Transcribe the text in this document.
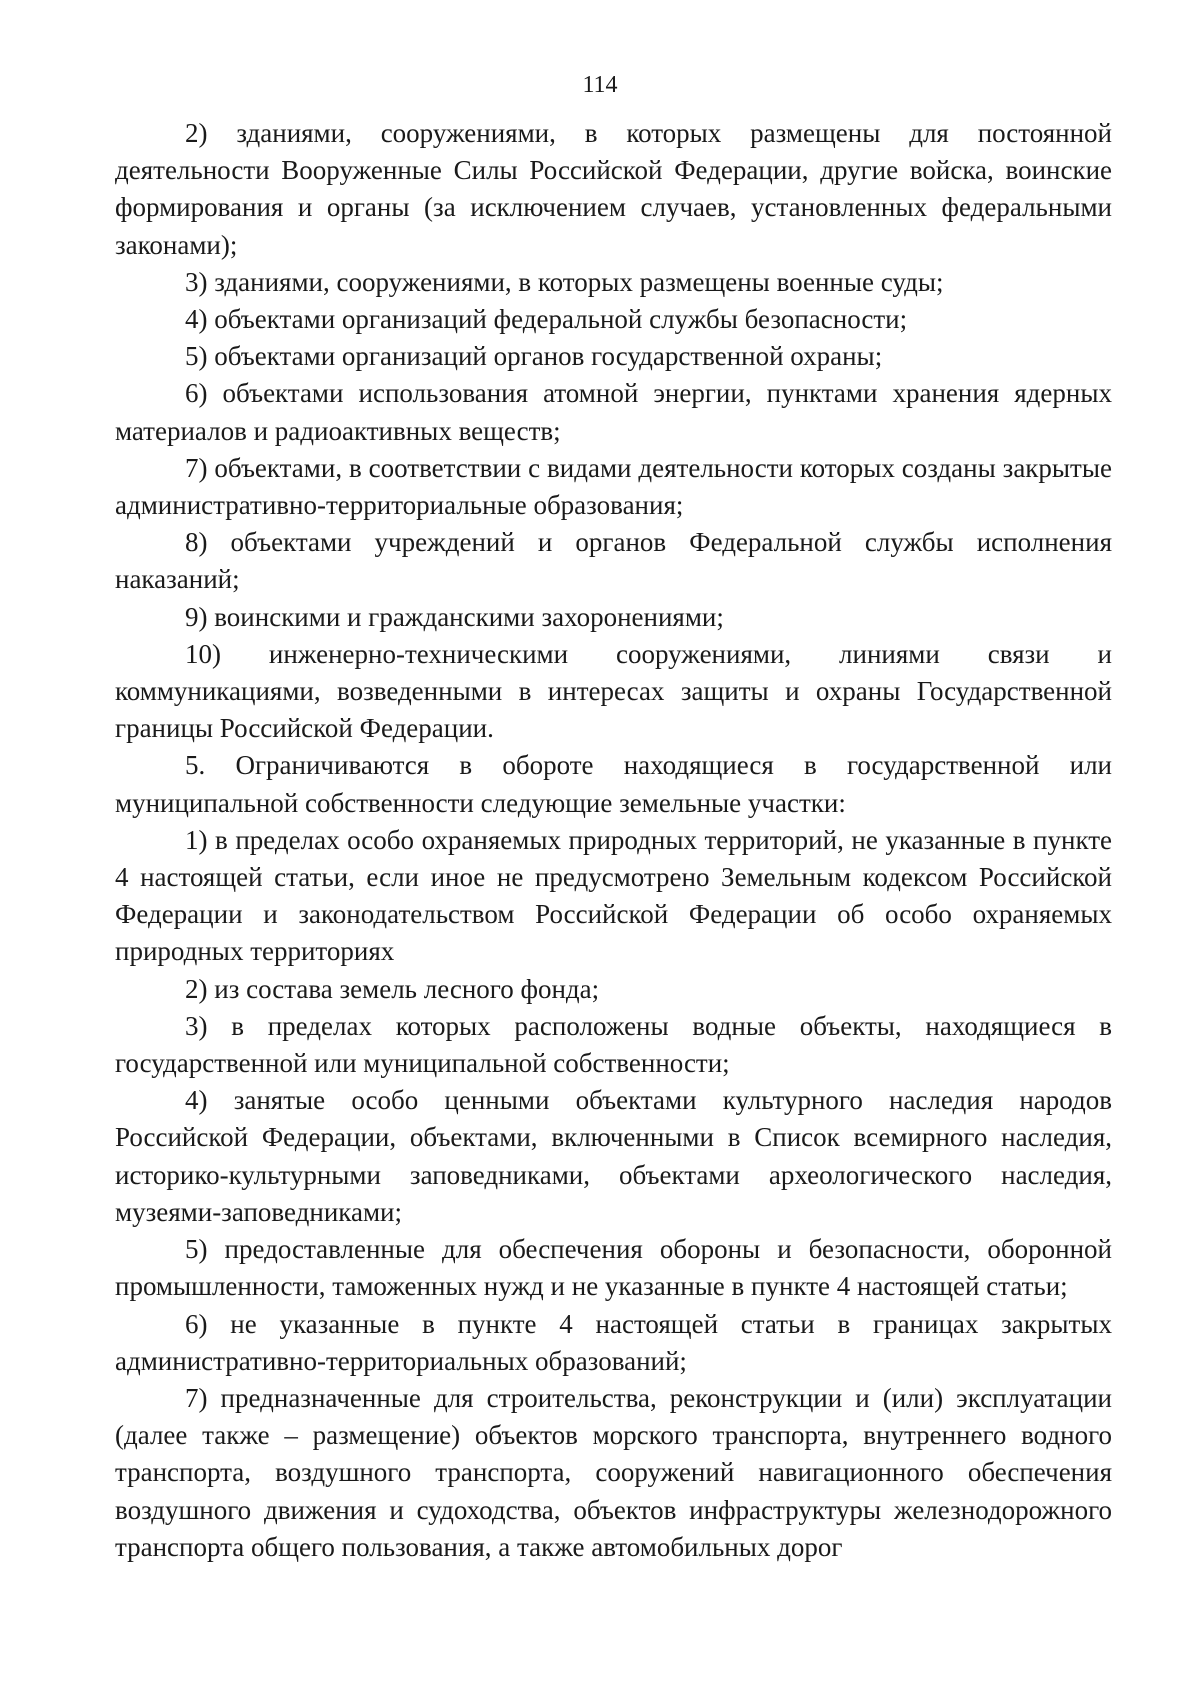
114

2) зданиями, сооружениями, в которых размещены для постоянной деятельности Вооруженные Силы Российской Федерации, другие войска, воинские формирования и органы (за исключением случаев, установленных федеральными законами);

3) зданиями, сооружениями, в которых размещены военные суды;

4) объектами организаций федеральной службы безопасности;

5) объектами организаций органов государственной охраны;

6) объектами использования атомной энергии, пунктами хранения ядерных материалов и радиоактивных веществ;

7) объектами, в соответствии с видами деятельности которых созданы закрытые административно-территориальные образования;

8) объектами учреждений и органов Федеральной службы исполнения наказаний;

9) воинскими и гражданскими захоронениями;

10) инженерно-техническими сооружениями, линиями связи и коммуникациями, возведенными в интересах защиты и охраны Государственной границы Российской Федерации.

5. Ограничиваются в обороте находящиеся в государственной или муниципальной собственности следующие земельные участки:

1) в пределах особо охраняемых природных территорий, не указанные в пункте 4 настоящей статьи, если иное не предусмотрено Земельным кодексом Российской Федерации и законодательством Российской Федерации об особо охраняемых природных территориях

2) из состава земель лесного фонда;

3) в пределах которых расположены водные объекты, находящиеся в государственной или муниципальной собственности;

4) занятые особо ценными объектами культурного наследия народов Российской Федерации, объектами, включенными в Список всемирного наследия, историко-культурными заповедниками, объектами археологического наследия, музеями-заповедниками;

5) предоставленные для обеспечения обороны и безопасности, оборонной промышленности, таможенных нужд и не указанные в пункте 4 настоящей статьи;

6) не указанные в пункте 4 настоящей статьи в границах закрытых административно-территориальных образований;

7) предназначенные для строительства, реконструкции и (или) эксплуатации (далее также – размещение) объектов морского транспорта, внутреннего водного транспорта, воздушного транспорта, сооружений навигационного обеспечения воздушного движения и судоходства, объектов инфраструктуры железнодорожного транспорта общего пользования, а также автомобильных дорог
